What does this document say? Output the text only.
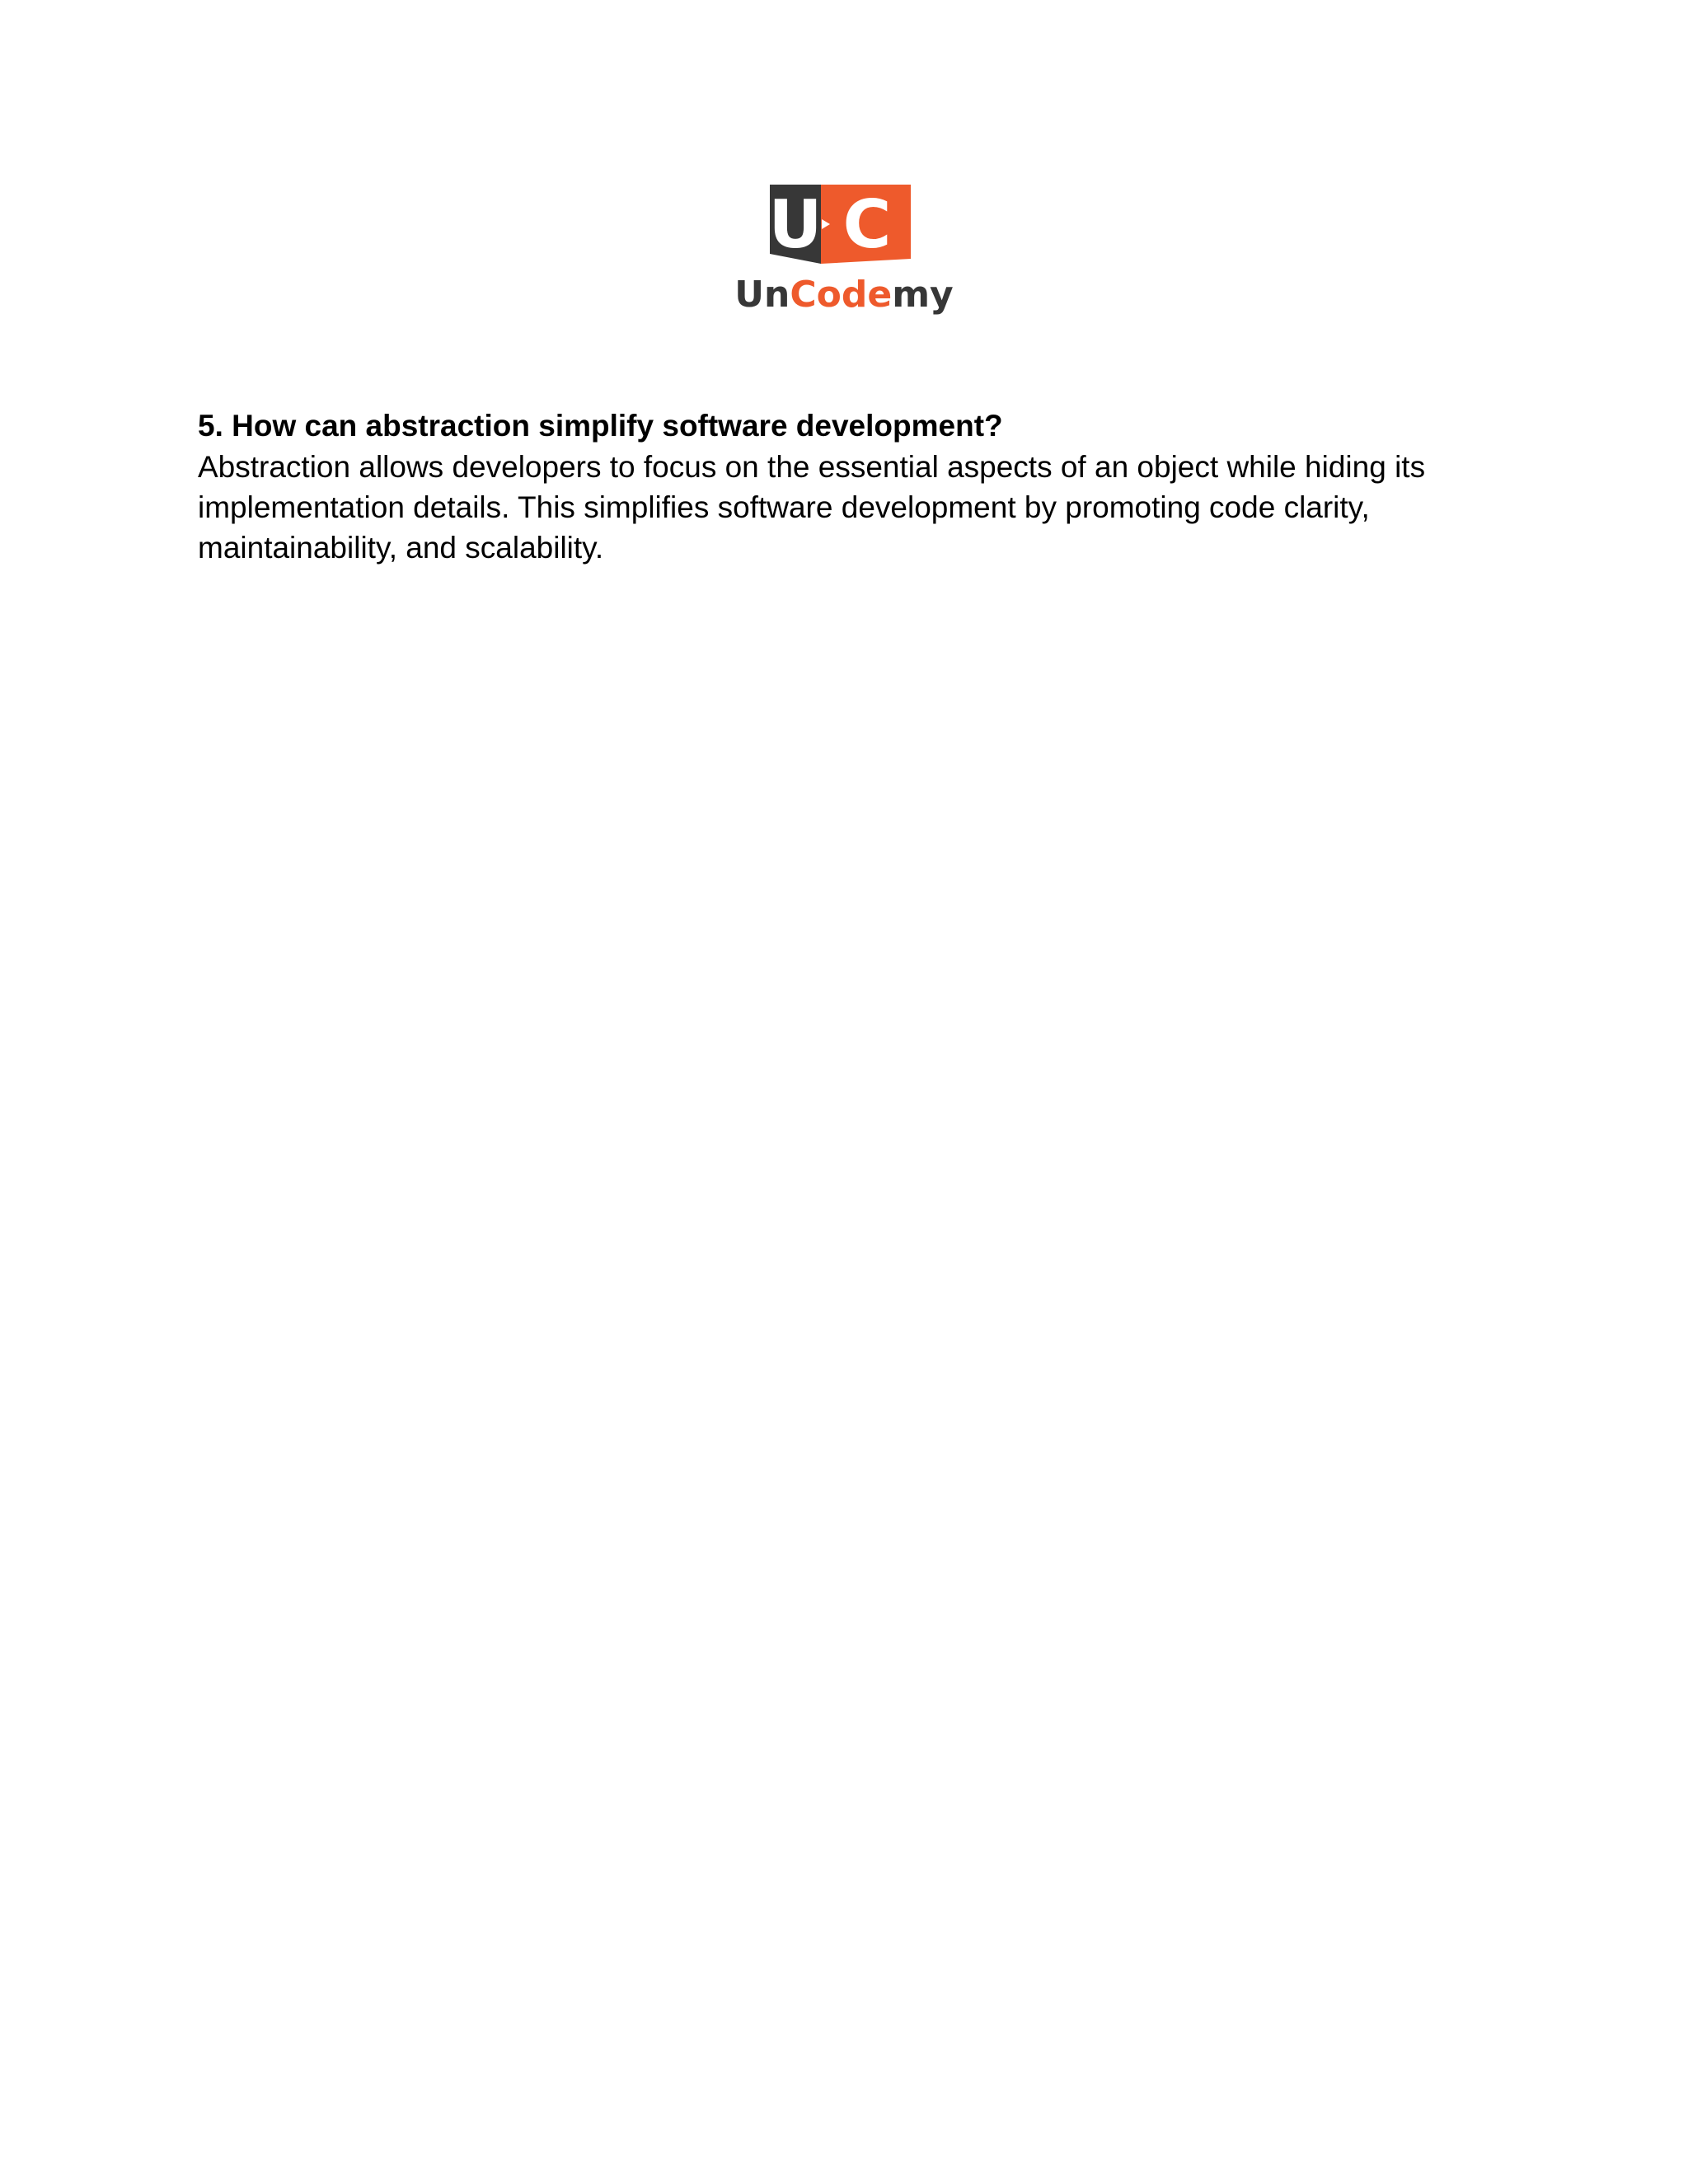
U C
UnCodemy

5. How can abstraction simplify software development?

Abstraction allows developers to focus on the essential aspects of an object while hiding its
implementation details. This simplifies software development by promoting code clarity,
maintainability, and scalability.
